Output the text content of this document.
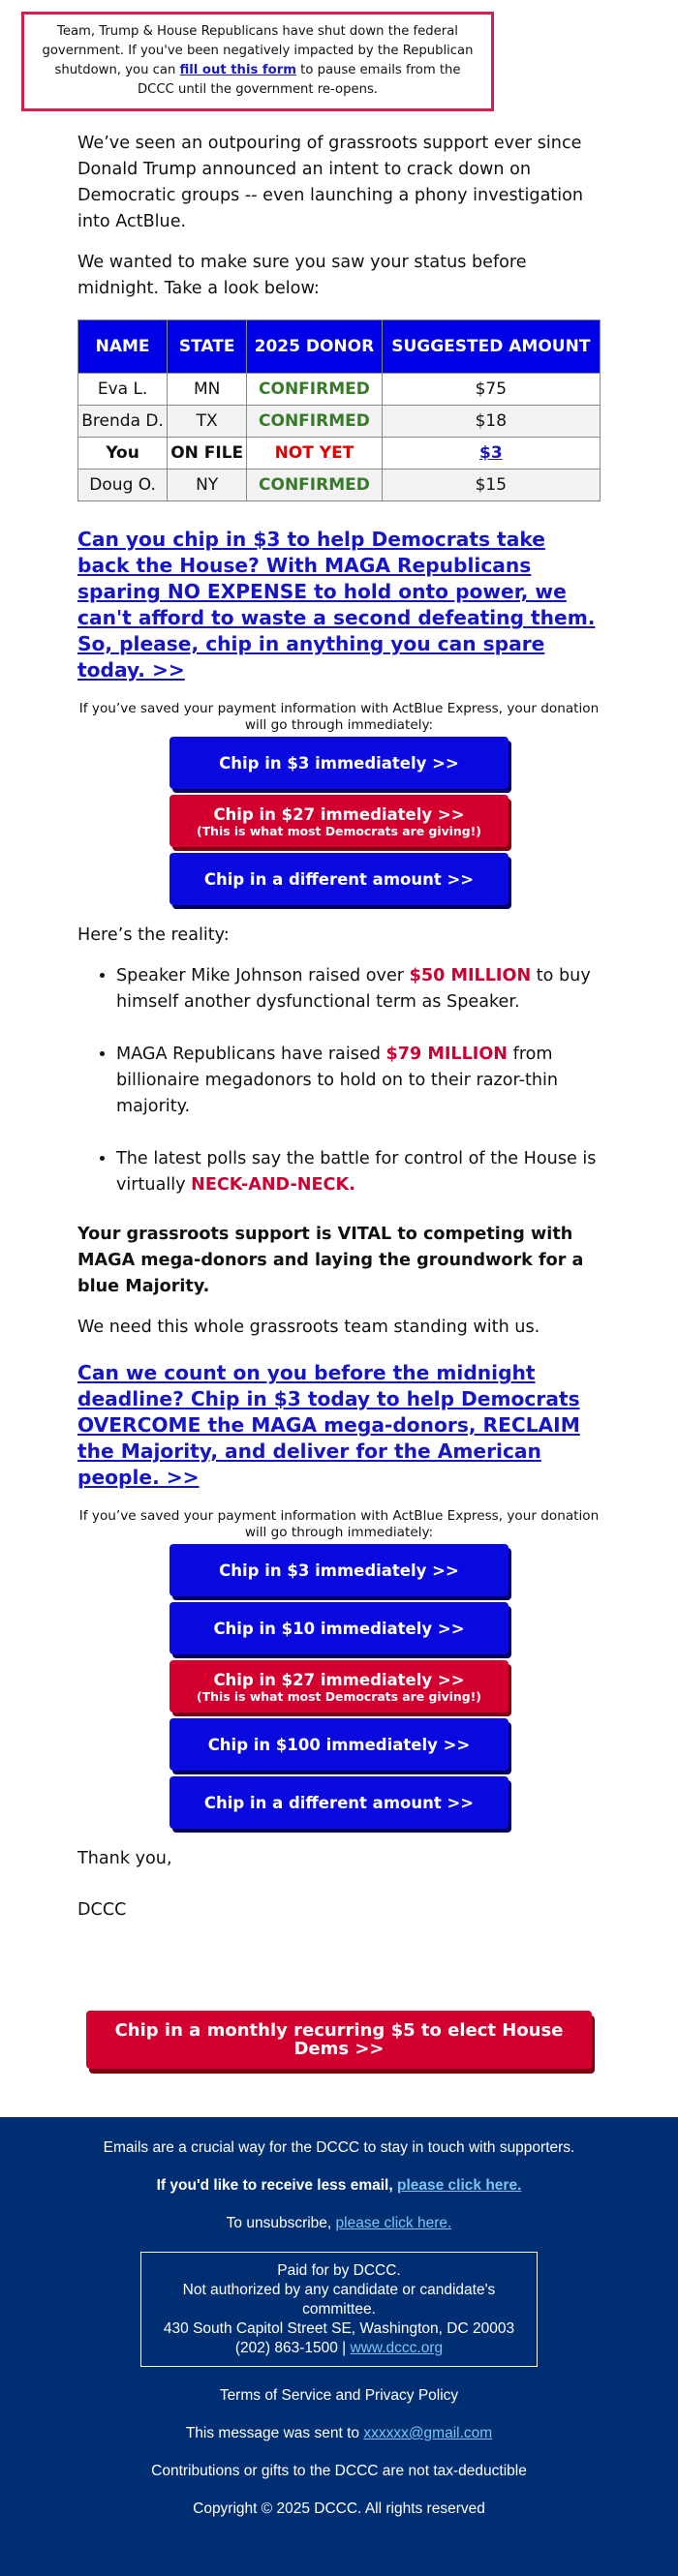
Team, Trump & House Republicans have shut down the federal government. If you've been negatively impacted by the Republican shutdown, you can fill out this form to pause emails from the DCCC until the government re-opens.

We’ve seen an outpouring of grassroots support ever since Donald Trump announced an intent to crack down on Democratic groups -- even launching a phony investigation into ActBlue.

We wanted to make sure you saw your status before midnight. Take a look below:

NAME	STATE	2025 DONOR	SUGGESTED AMOUNT
Eva L.	MN	CONFIRMED	$75
Brenda D.	TX	CONFIRMED	$18
You	ON FILE	NOT YET	$3
Doug O.	NY	CONFIRMED	$15
Can you chip in $3 to help Democrats take back the House? With MAGA Republicans sparing NO EXPENSE to hold onto power, we can't afford to waste a second defeating them. So, please, chip in anything you can spare today. >>
If you’ve saved your payment information with ActBlue Express, your donation will go through immediately:
Chip in $3 immediately >>
Chip in $27 immediately >>
(This is what most Democrats are giving!)
Chip in a different amount >>

Here’s the reality:

• Speaker Mike Johnson raised over $50 MILLION to buy himself another dysfunctional term as Speaker.
• MAGA Republicans have raised $79 MILLION from billionaire megadonors to hold on to their razor-thin majority.
• The latest polls say the battle for control of the House is virtually NECK-AND-NECK.

Your grassroots support is VITAL to competing with MAGA mega-donors and laying the groundwork for a blue Majority.

We need this whole grassroots team standing with us.

Can we count on you before the midnight deadline? Chip in $3 today to help Democrats OVERCOME the MAGA mega-donors, RECLAIM the Majority, and deliver for the American people. >>
If you’ve saved your payment information with ActBlue Express, your donation will go through immediately:
Chip in $3 immediately >>
Chip in $10 immediately >>
Chip in $27 immediately >>
(This is what most Democrats are giving!)
Chip in $100 immediately >>
Chip in a different amount >>

Thank you,

DCCC

Chip in a monthly recurring $5 to elect House Dems >>

Emails are a crucial way for the DCCC to stay in touch with supporters.

If you'd like to receive less email, please click here.

To unsubscribe, please click here.

Paid for by DCCC.
Not authorized by any candidate or candidate's committee.
430 South Capitol Street SE, Washington, DC 20003
(202) 863-1500 | www.dccc.org

Terms of Service and Privacy Policy

This message was sent to xxxxxx@gmail.com

Contributions or gifts to the DCCC are not tax-deductible

Copyright © 2025 DCCC. All rights reserved
